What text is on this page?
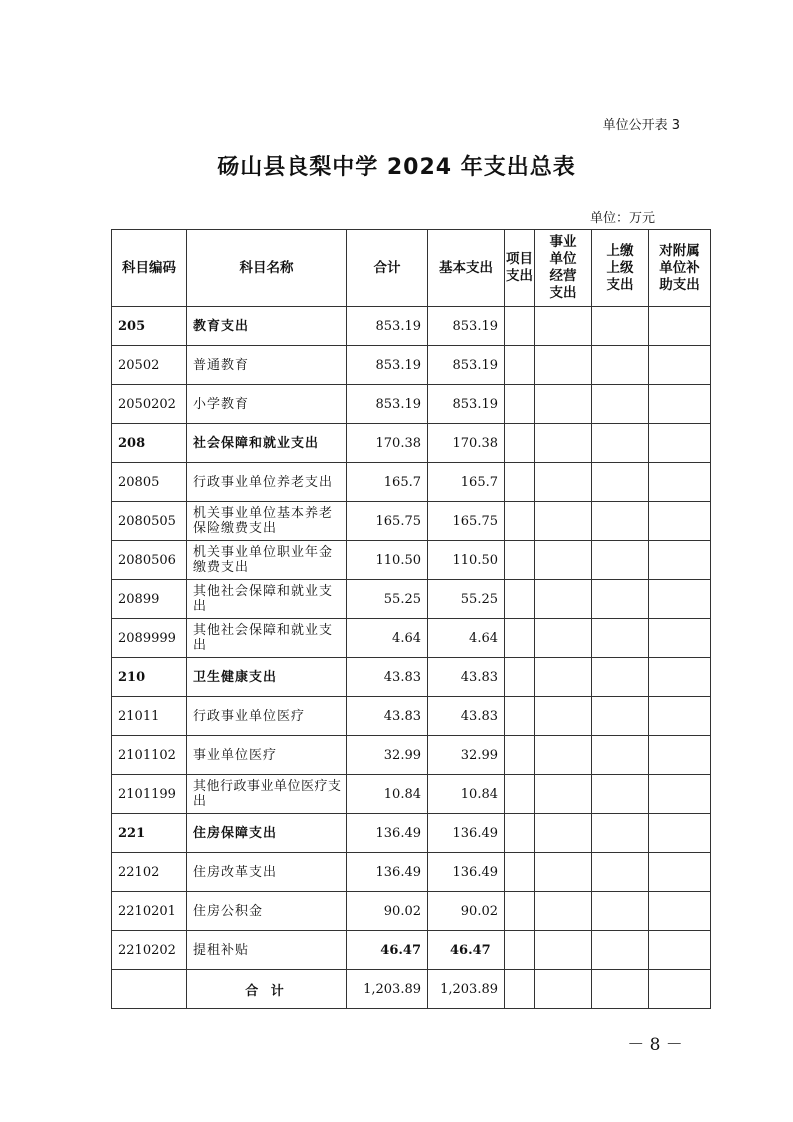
单位公开表 3
砀山县良梨中学 2024 年支出总表
单位：万元
科目编码	科目名称	合计	基本支出	项目支出	事业单位经营支出	上缴上级支出	对附属单位补助支出
205	教育支出	853.19	853.19				
20502	普通教育	853.19	853.19				
2050202	小学教育	853.19	853.19				
208	社会保障和就业支出	170.38	170.38				
20805	行政事业单位养老支出	165.7	165.7				
2080505	机关事业单位基本养老保险缴费支出	165.75	165.75				
2080506	机关事业单位职业年金缴费支出	110.50	110.50				
20899	其他社会保障和就业支出	55.25	55.25				
2089999	其他社会保障和就业支出	4.64	4.64				
210	卫生健康支出	43.83	43.83				
21011	行政事业单位医疗	43.83	43.83				
2101102	事业单位医疗	32.99	32.99				
2101199	其他行政事业单位医疗支出	10.84	10.84				
221	住房保障支出	136.49	136.49				
22102	住房改革支出	136.49	136.49				
2210201	住房公积金	90.02	90.02				
2210202	提租补贴	46.47	46.47				
	合 计	1,203.89	1,203.89				
－ 8 －
